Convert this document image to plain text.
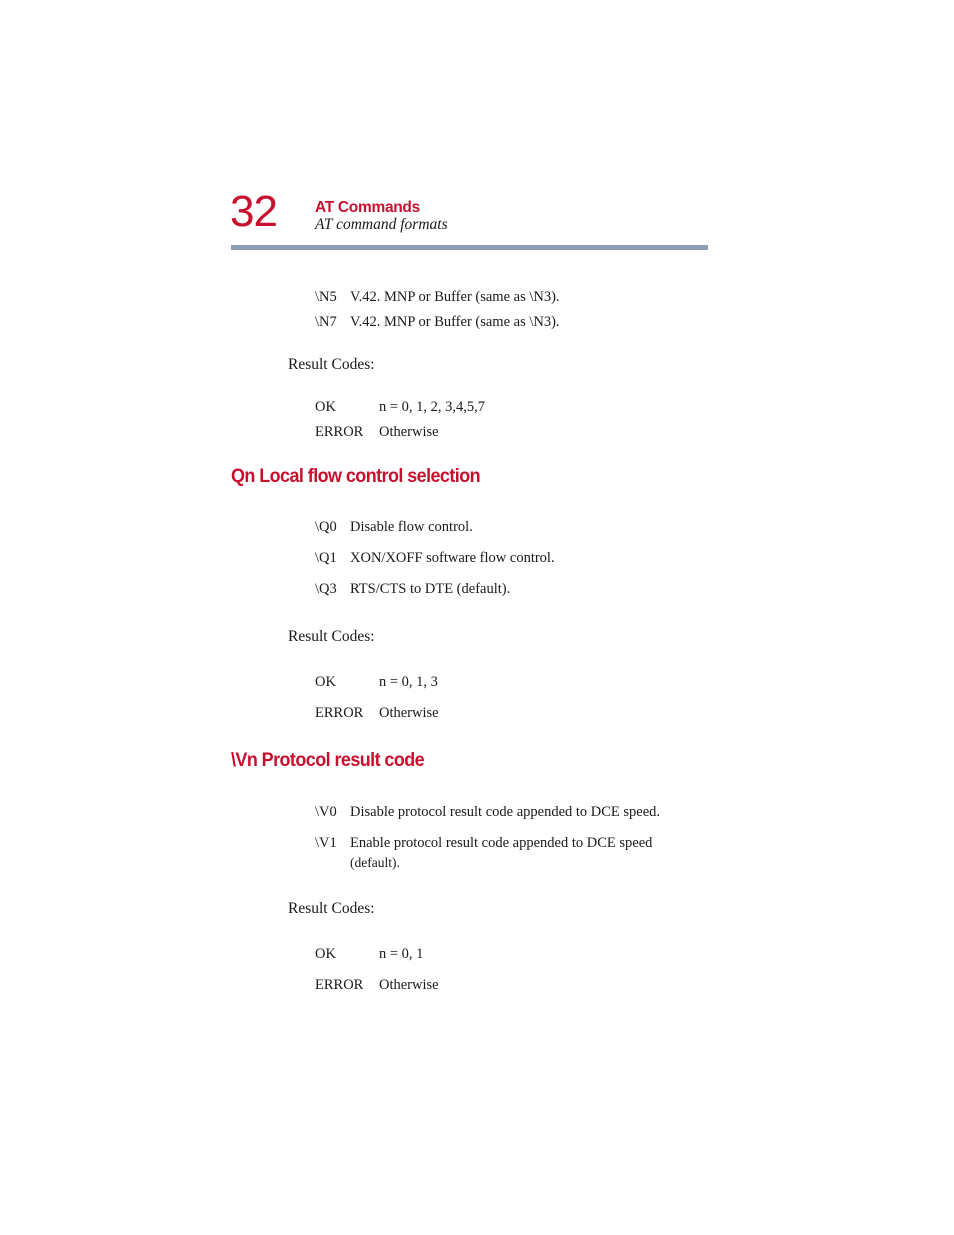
32 AT Commands
AT command formats
\N5 V.42. MNP or Buffer (same as \N3).
\N7 V.42. MNP or Buffer (same as \N3).
Result Codes:
OK	n = 0, 1, 2, 3,4,5,7
ERROR Otherwise
Qn Local flow control selection
\Q0 Disable flow control.
\Q1 XON/XOFF software flow control.
\Q3 RTS/CTS to DTE (default).
Result Codes:
OK	n = 0, 1, 3
ERROR Otherwise
\Vn Protocol result code
\V0 Disable protocol result code appended to DCE speed.
\V1 Enable protocol result code appended to DCE speed
(default).
Result Codes:
OK	n = 0, 1
ERROR Otherwise
